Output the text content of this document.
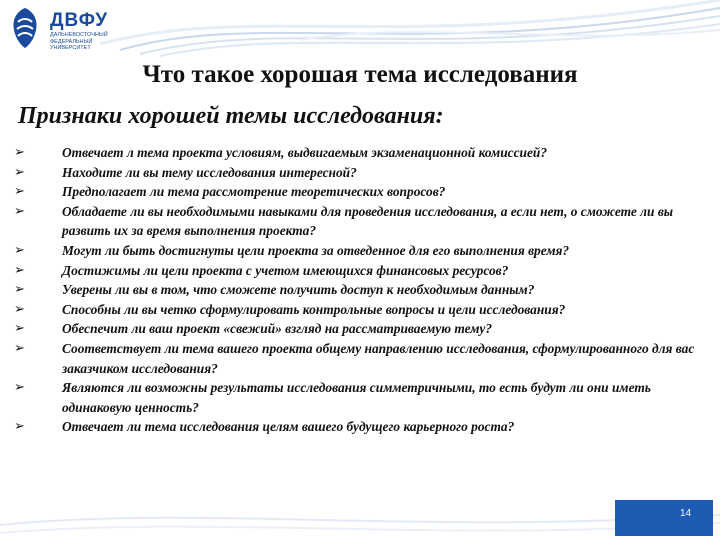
ДВФУ
ДАЛЬНЕВОСТОЧНЫЙ ФЕДЕРАЛЬНЫЙ УНИВЕРСИТЕТ
Что такое хорошая тема исследования
Признаки хорошей темы исследования:
➢	Отвечает л тема проекта условиям, выдвигаемым экзаменационной комиссией?
➢	Находите ли вы тему исследования интересной?
➢	Предполагает ли тема рассмотрение теоретических вопросов?
➢	Обладаете ли вы необходимыми навыками для проведения исследования, а если нет, о сможете ли вы развить их за время выполнения проекта?
➢	Могут ли быть достигнуты цели проекта за отведенное для его выполнения время?
➢	Достижимы ли цели проекта с учетом имеющихся финансовых ресурсов?
➢	Уверены ли вы в том, что сможете получить доступ к необходимым данным?
➢	Способны ли вы четко сформулировать контрольные вопросы и цели исследования?
➢	Обеспечит ли ваш проект «свежий» взгляд на рассматриваемую тему?
➢	Соответствует ли тема вашего проекта общему направлению исследования, сформулированного для вас заказчиком исследования?
➢	Являются ли возможны результаты исследования симметричными, то есть будут ли они иметь одинаковую ценность?
➢	Отвечает ли тема исследования целям вашего будущего карьерного роста?
14
